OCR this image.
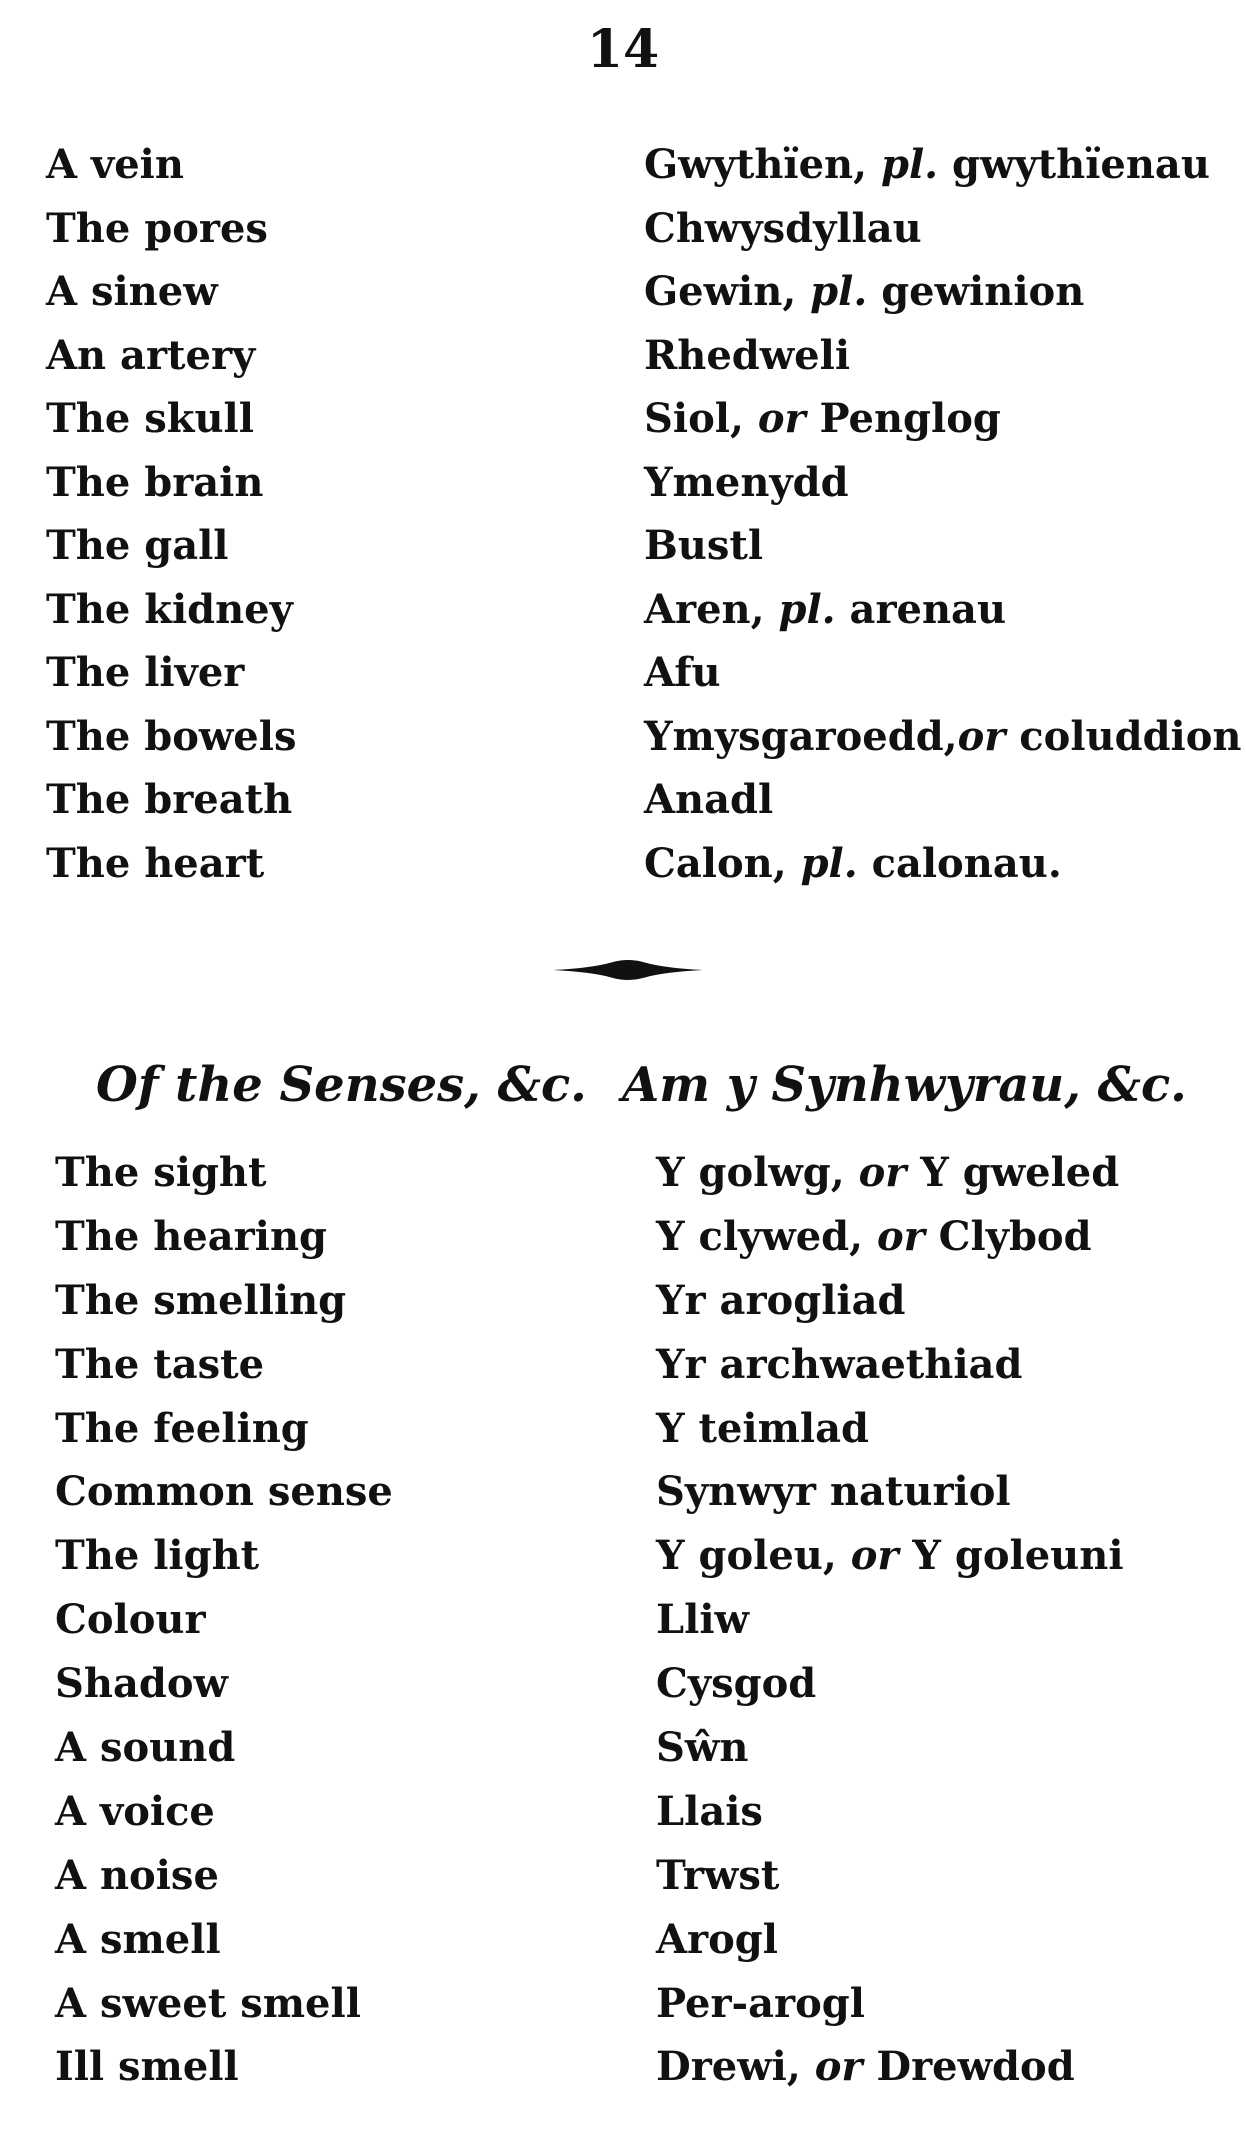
14
A vein	Gwythïen, pl. gwythïenau
The pores	Chwysdyllau
A sinew	Gewin, pl. gewinion
An artery	Rhedweli
The skull	Siol, or Penglog
The brain	Ymenydd
The gall	Bustl
The kidney	Aren, pl. arenau
The liver	Afu
The bowels	Ymysgaroedd,or coluddion
The breath	Anadl
The heart	Calon, pl. calonau.
Of the Senses, &c. Am y Synhwyrau, &c.
The sight	Y golwg, or Y gweled
The hearing	Y clywed, or Clybod
The smelling	Yr arogliad
The taste	Yr archwaethiad
The feeling	Y teimlad
Common sense	Synwyr naturiol
The light	Y goleu, or Y goleuni
Colour	Lliw
Shadow	Cysgod
A sound	Sŵn
A voice	Llais
A noise	Trwst
A smell	Arogl
A sweet smell	Per-arogl
Ill smell	Drewi, or Drewdod
